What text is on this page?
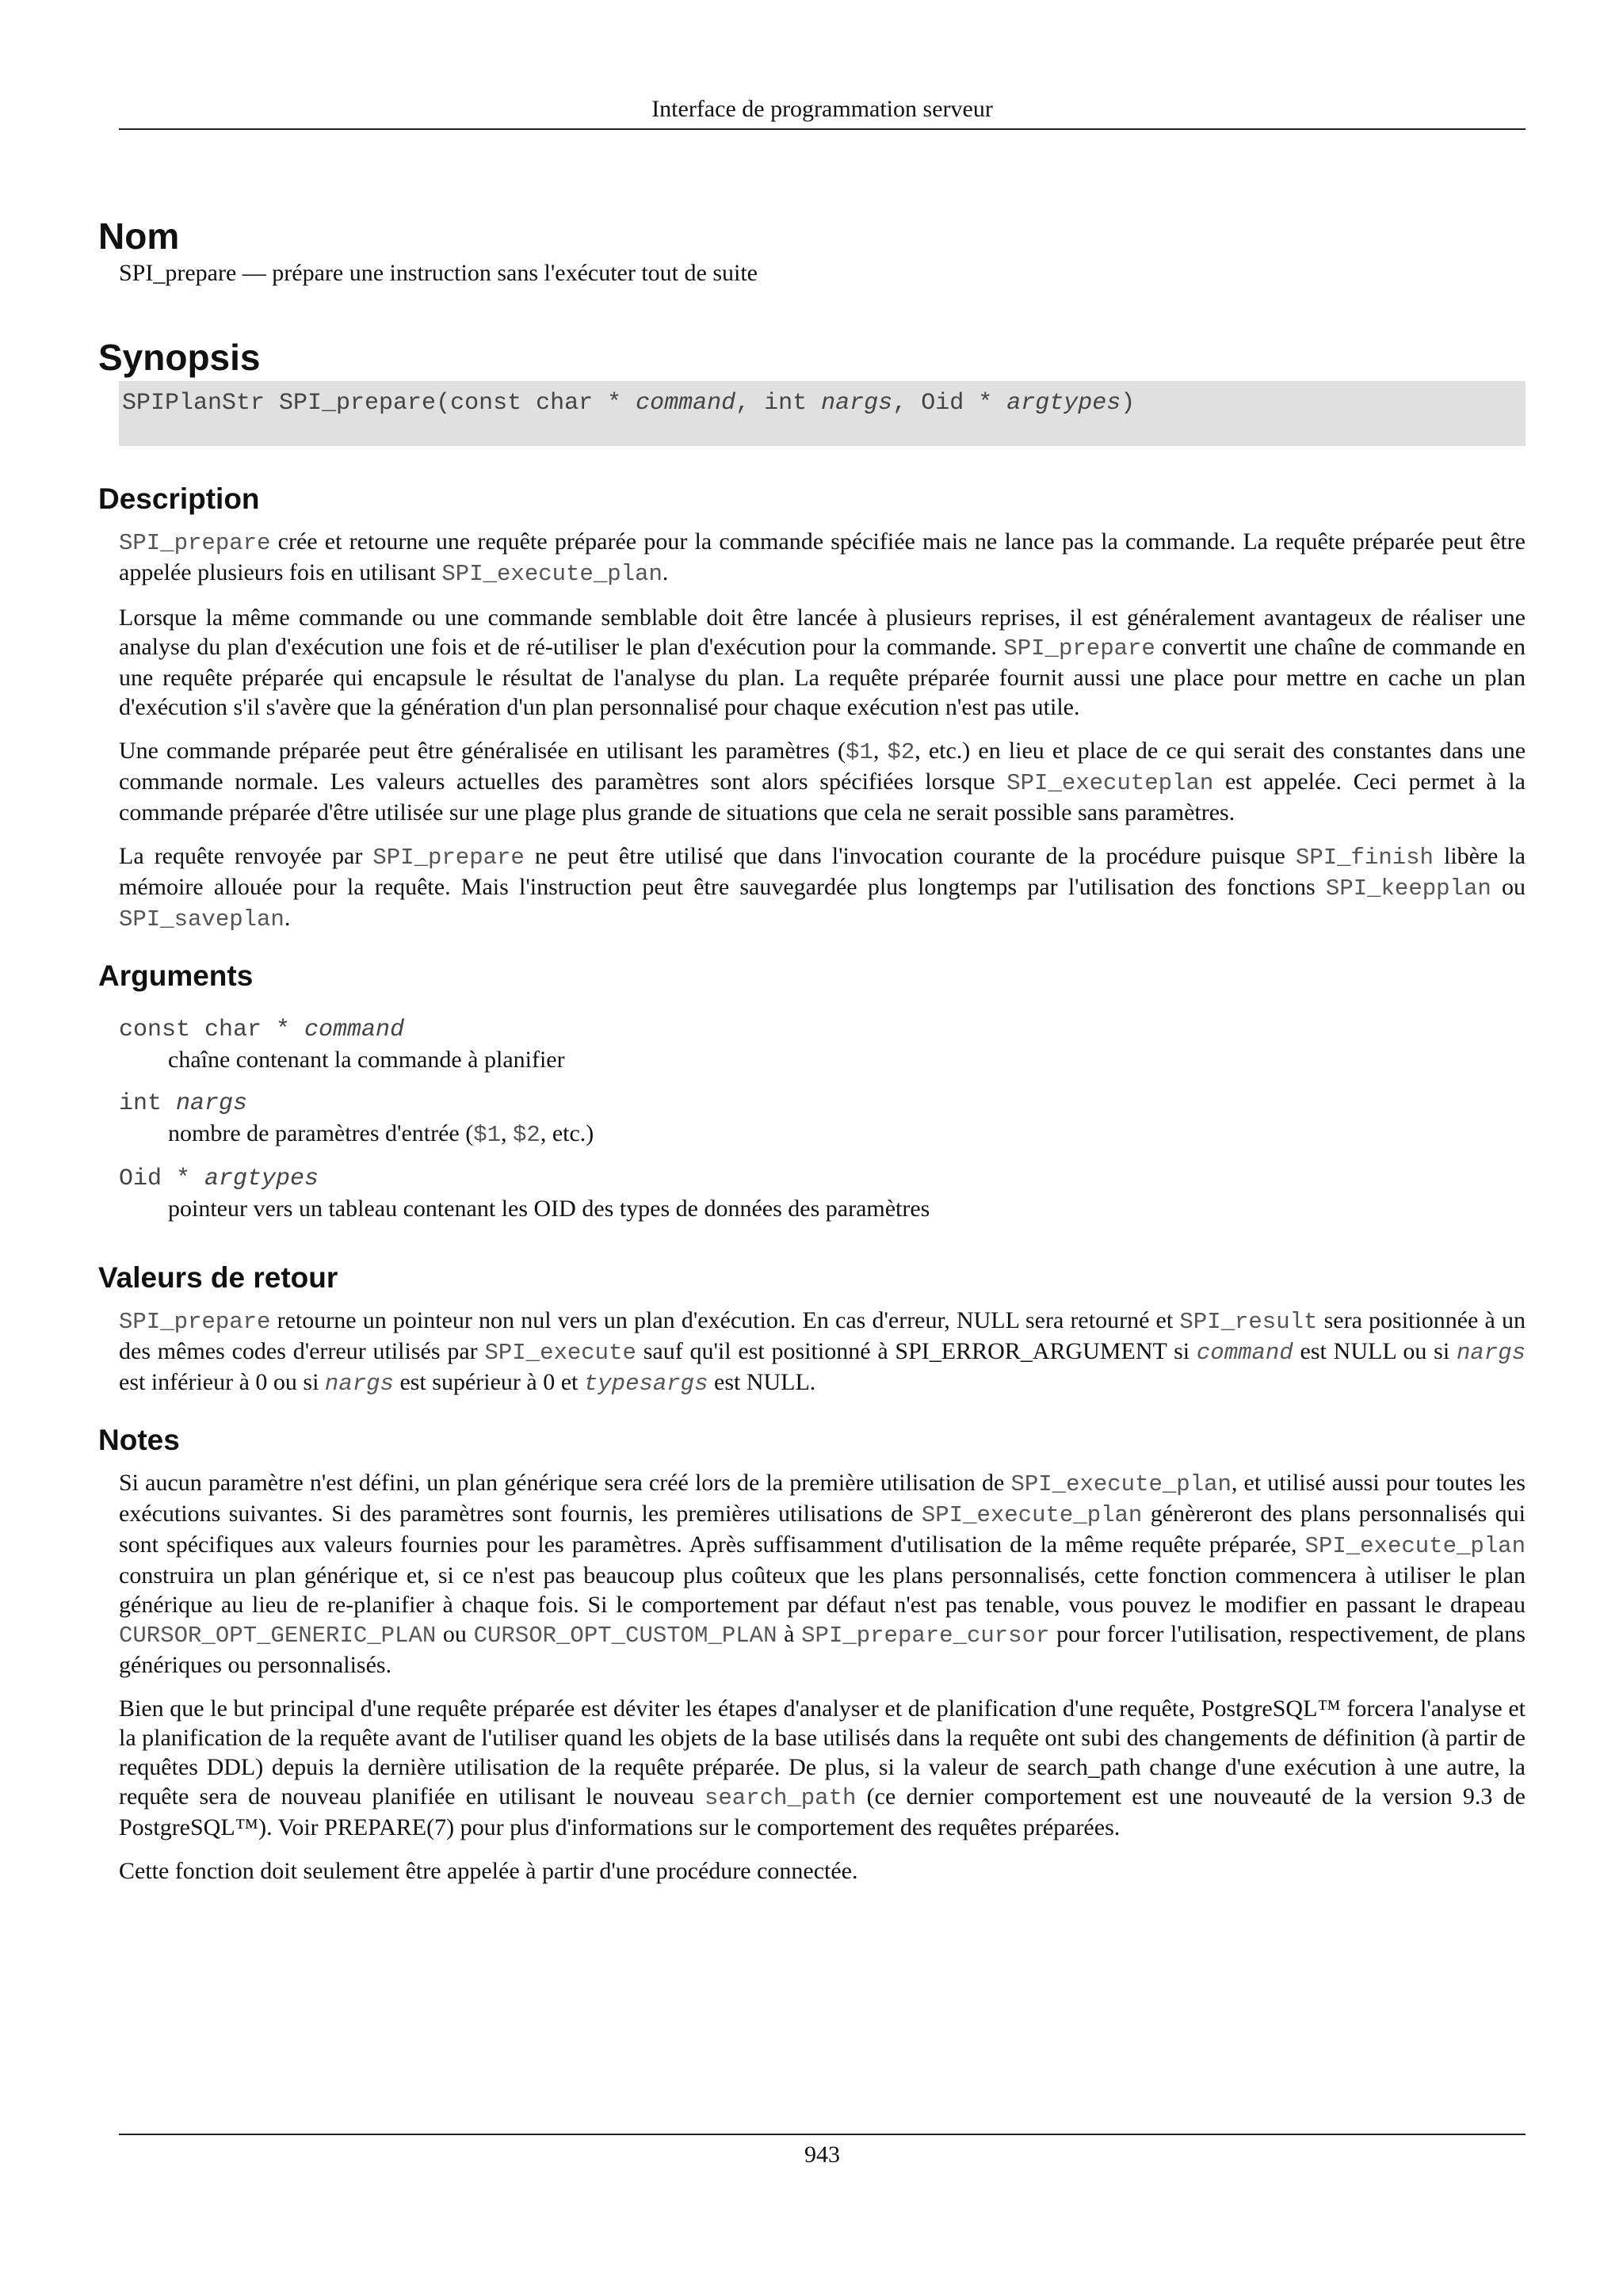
Interface de programmation serveur
Nom

SPI_prepare — prépare une instruction sans l'exécuter tout de suite

Synopsis
SPIPlanStr SPI_prepare(const char * command, int nargs, Oid * argtypes)
Description

SPI_prepare crée et retourne une requête préparée pour la commande spécifiée mais ne lance pas la commande. La requête préparée peut être appelée plusieurs fois en utilisant SPI_execute_plan.

Lorsque la même commande ou une commande semblable doit être lancée à plusieurs reprises, il est généralement avantageux de réaliser une analyse du plan d'exécution une fois et de ré-utiliser le plan d'exécution pour la commande. SPI_prepare convertit une chaîne de commande en une requête préparée qui encapsule le résultat de l'analyse du plan. La requête préparée fournit aussi une place pour mettre en cache un plan d'exécution s'il s'avère que la génération d'un plan personnalisé pour chaque exécution n'est pas utile.

Une commande préparée peut être généralisée en utilisant les paramètres ($1, $2, etc.) en lieu et place de ce qui serait des constantes dans une commande normale. Les valeurs actuelles des paramètres sont alors spécifiées lorsque SPI_executeplan est appelée. Ceci permet à la commande préparée d'être utilisée sur une plage plus grande de situations que cela ne serait possible sans paramètres.

La requête renvoyée par SPI_prepare ne peut être utilisé que dans l'invocation courante de la procédure puisque SPI_finish libère la mémoire allouée pour la requête. Mais l'instruction peut être sauvegardée plus longtemps par l'utilisation des fonctions SPI_keepplan ou SPI_saveplan.

Arguments
const char * command
chaîne contenant la commande à planifier
int nargs
nombre de paramètres d'entrée ($1, $2, etc.)
Oid * argtypes
pointeur vers un tableau contenant les OID des types de données des paramètres
Valeurs de retour

SPI_prepare retourne un pointeur non nul vers un plan d'exécution. En cas d'erreur, NULL sera retourné et SPI_result sera positionnée à un des mêmes codes d'erreur utilisés par SPI_execute sauf qu'il est positionné à SPI_ERROR_ARGUMENT si command est NULL ou si nargs est inférieur à 0 ou si nargs est supérieur à 0 et typesargs est NULL.

Notes

Si aucun paramètre n'est défini, un plan générique sera créé lors de la première utilisation de SPI_execute_plan, et utilisé aussi pour toutes les exécutions suivantes. Si des paramètres sont fournis, les premières utilisations de SPI_execute_plan génèreront des plans personnalisés qui sont spécifiques aux valeurs fournies pour les paramètres. Après suffisamment d'utilisation de la même requête préparée, SPI_execute_plan construira un plan générique et, si ce n'est pas beaucoup plus coûteux que les plans personnalisés, cette fonction commencera à utiliser le plan générique au lieu de re-planifier à chaque fois. Si le comportement par défaut n'est pas tenable, vous pouvez le modifier en passant le drapeau CURSOR_OPT_GENERIC_PLAN ou CURSOR_OPT_CUSTOM_PLAN à SPI_prepare_cursor pour forcer l'utilisation, respectivement, de plans génériques ou personnalisés.

Bien que le but principal d'une requête préparée est déviter les étapes d'analyser et de planification d'une requête, PostgreSQL™ forcera l'analyse et la planification de la requête avant de l'utiliser quand les objets de la base utilisés dans la requête ont subi des changements de définition (à partir de requêtes DDL) depuis la dernière utilisation de la requête préparée. De plus, si la valeur de search_path change d'une exécution à une autre, la requête sera de nouveau planifiée en utilisant le nouveau search_path (ce dernier comportement est une nouveauté de la version 9.3 de PostgreSQL™). Voir PREPARE(7) pour plus d'informations sur le comportement des requêtes préparées.

Cette fonction doit seulement être appelée à partir d'une procédure connectée.

943
